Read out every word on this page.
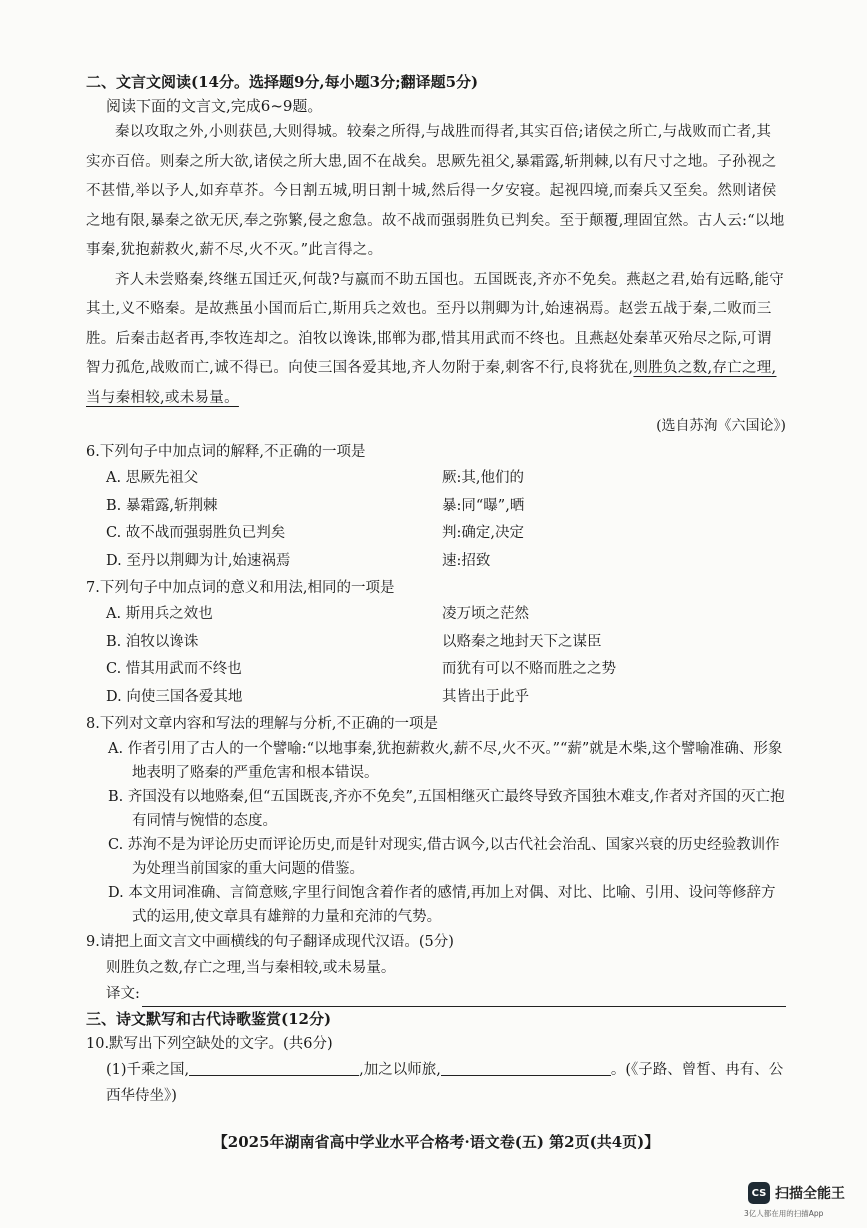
二、文言文阅读(14分。选择题9分,每小题3分;翻译题5分)

阅读下面的文言文,完成6~9题。

秦以攻取之外,小则获邑,大则得城。较秦之所得,与战胜而得者,其实百倍;诸侯之所亡,与战败而亡者,其实亦百倍。则秦之所大欲,诸侯之所大患,固不在战矣。思厥先祖父,暴霜露,斩荆棘,以有尺寸之地。子孙视之不甚惜,举以予人,如弃草芥。今日割五城,明日割十城,然后得一夕安寝。起视四境,而秦兵又至矣。然则诸侯之地有限,暴秦之欲无厌,奉之弥繁,侵之愈急。故不战而强弱胜负已判矣。至于颠覆,理固宜然。古人云:“以地事秦,犹抱薪救火,薪不尽,火不灭。”此言得之。

齐人未尝赂秦,终继五国迁灭,何哉?与嬴而不助五国也。五国既丧,齐亦不免矣。燕赵之君,始有远略,能守其土,义不赂秦。是故燕虽小国而后亡,斯用兵之效也。至丹以荆卿为计,始速祸焉。赵尝五战于秦,二败而三胜。后秦击赵者再,李牧连却之。洎牧以谗诛,邯郸为郡,惜其用武而不终也。且燕赵处秦革灭殆尽之际,可谓智力孤危,战败而亡,诚不得已。向使三国各爱其地,齐人勿附于秦,刺客不行,良将犹在,则胜负之数,存亡之理,当与秦相较,或未易量。

(选自苏洵《六国论》)

6.下列句子中加点词的解释,不正确的一项是

A. 思厥先祖父	厥:其,他们的
B. 暴霜露,斩荆棘	暴:同“曝”,晒
C. 故不战而强弱胜负已判矣	判:确定,决定
D. 至丹以荆卿为计,始速祸焉	速:招致

7.下列句子中加点词的意义和用法,相同的一项是

A. 斯用兵之效也	凌万顷之茫然
B. 洎牧以谗诛	以赂秦之地封天下之谋臣
C. 惜其用武而不终也	而犹有可以不赂而胜之之势
D. 向使三国各爱其地	其皆出于此乎

8.下列对文章内容和写法的理解与分析,不正确的一项是

A. 作者引用了古人的一个譬喻:“以地事秦,犹抱薪救火,薪不尽,火不灭。”“薪”就是木柴,这个譬喻准确、形象地表明了赂秦的严重危害和根本错误。

B. 齐国没有以地赂秦,但“五国既丧,齐亦不免矣”,五国相继灭亡最终导致齐国独木难支,作者对齐国的灭亡抱有同情与惋惜的态度。

C. 苏洵不是为评论历史而评论历史,而是针对现实,借古讽今,以古代社会治乱、国家兴衰的历史经验教训作为处理当前国家的重大问题的借鉴。

D. 本文用词准确、言简意赅,字里行间饱含着作者的感情,再加上对偶、对比、比喻、引用、设问等修辞方式的运用,使文章具有雄辩的力量和充沛的气势。

9.请把上面文言文中画横线的句子翻译成现代汉语。(5分)

则胜负之数,存亡之理,当与秦相较,或未易量。

译文:

三、诗文默写和古代诗歌鉴赏(12分)

10.默写出下列空缺处的文字。(共6分)

(1)千乘之国,	,加之以师旅,	。(《子路、曾皙、冉有、公西华侍坐》)

【2025年湖南省高中学业水平合格考·语文卷(五) 第2页(共4页)】
CS 扫描全能王
3亿人都在用的扫描App
